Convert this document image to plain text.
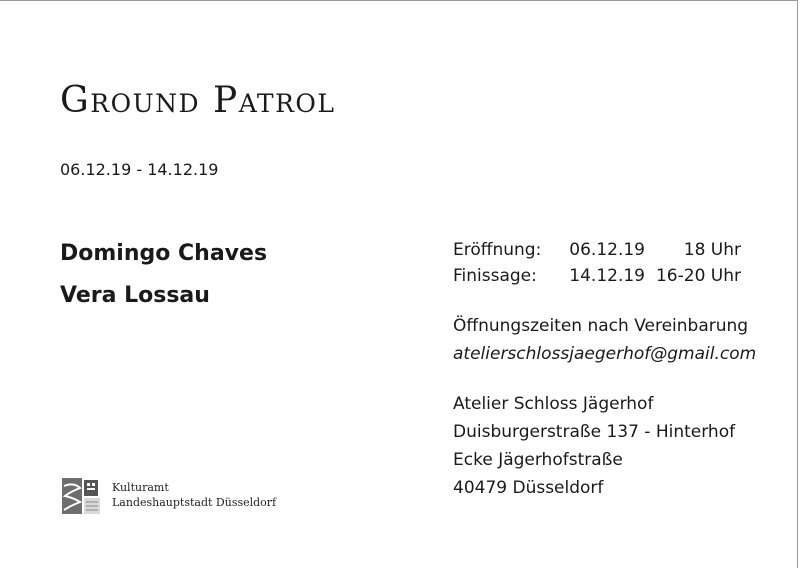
Ground Patrol
06.12.19 - 14.12.19
Domingo Chaves
Vera Lossau
Eröffnung: 06.12.19 18 Uhr
Finissage: 14.12.19 16-20 Uhr
Öffnungszeiten nach Vereinbarung
atelierschlossjaegerhof@gmail.com
Atelier Schloss Jägerhof
Duisburgerstraße 137 - Hinterhof
Ecke Jägerhofstraße
40479 Düsseldorf
Kulturamt
Landeshauptstadt Düsseldorf
